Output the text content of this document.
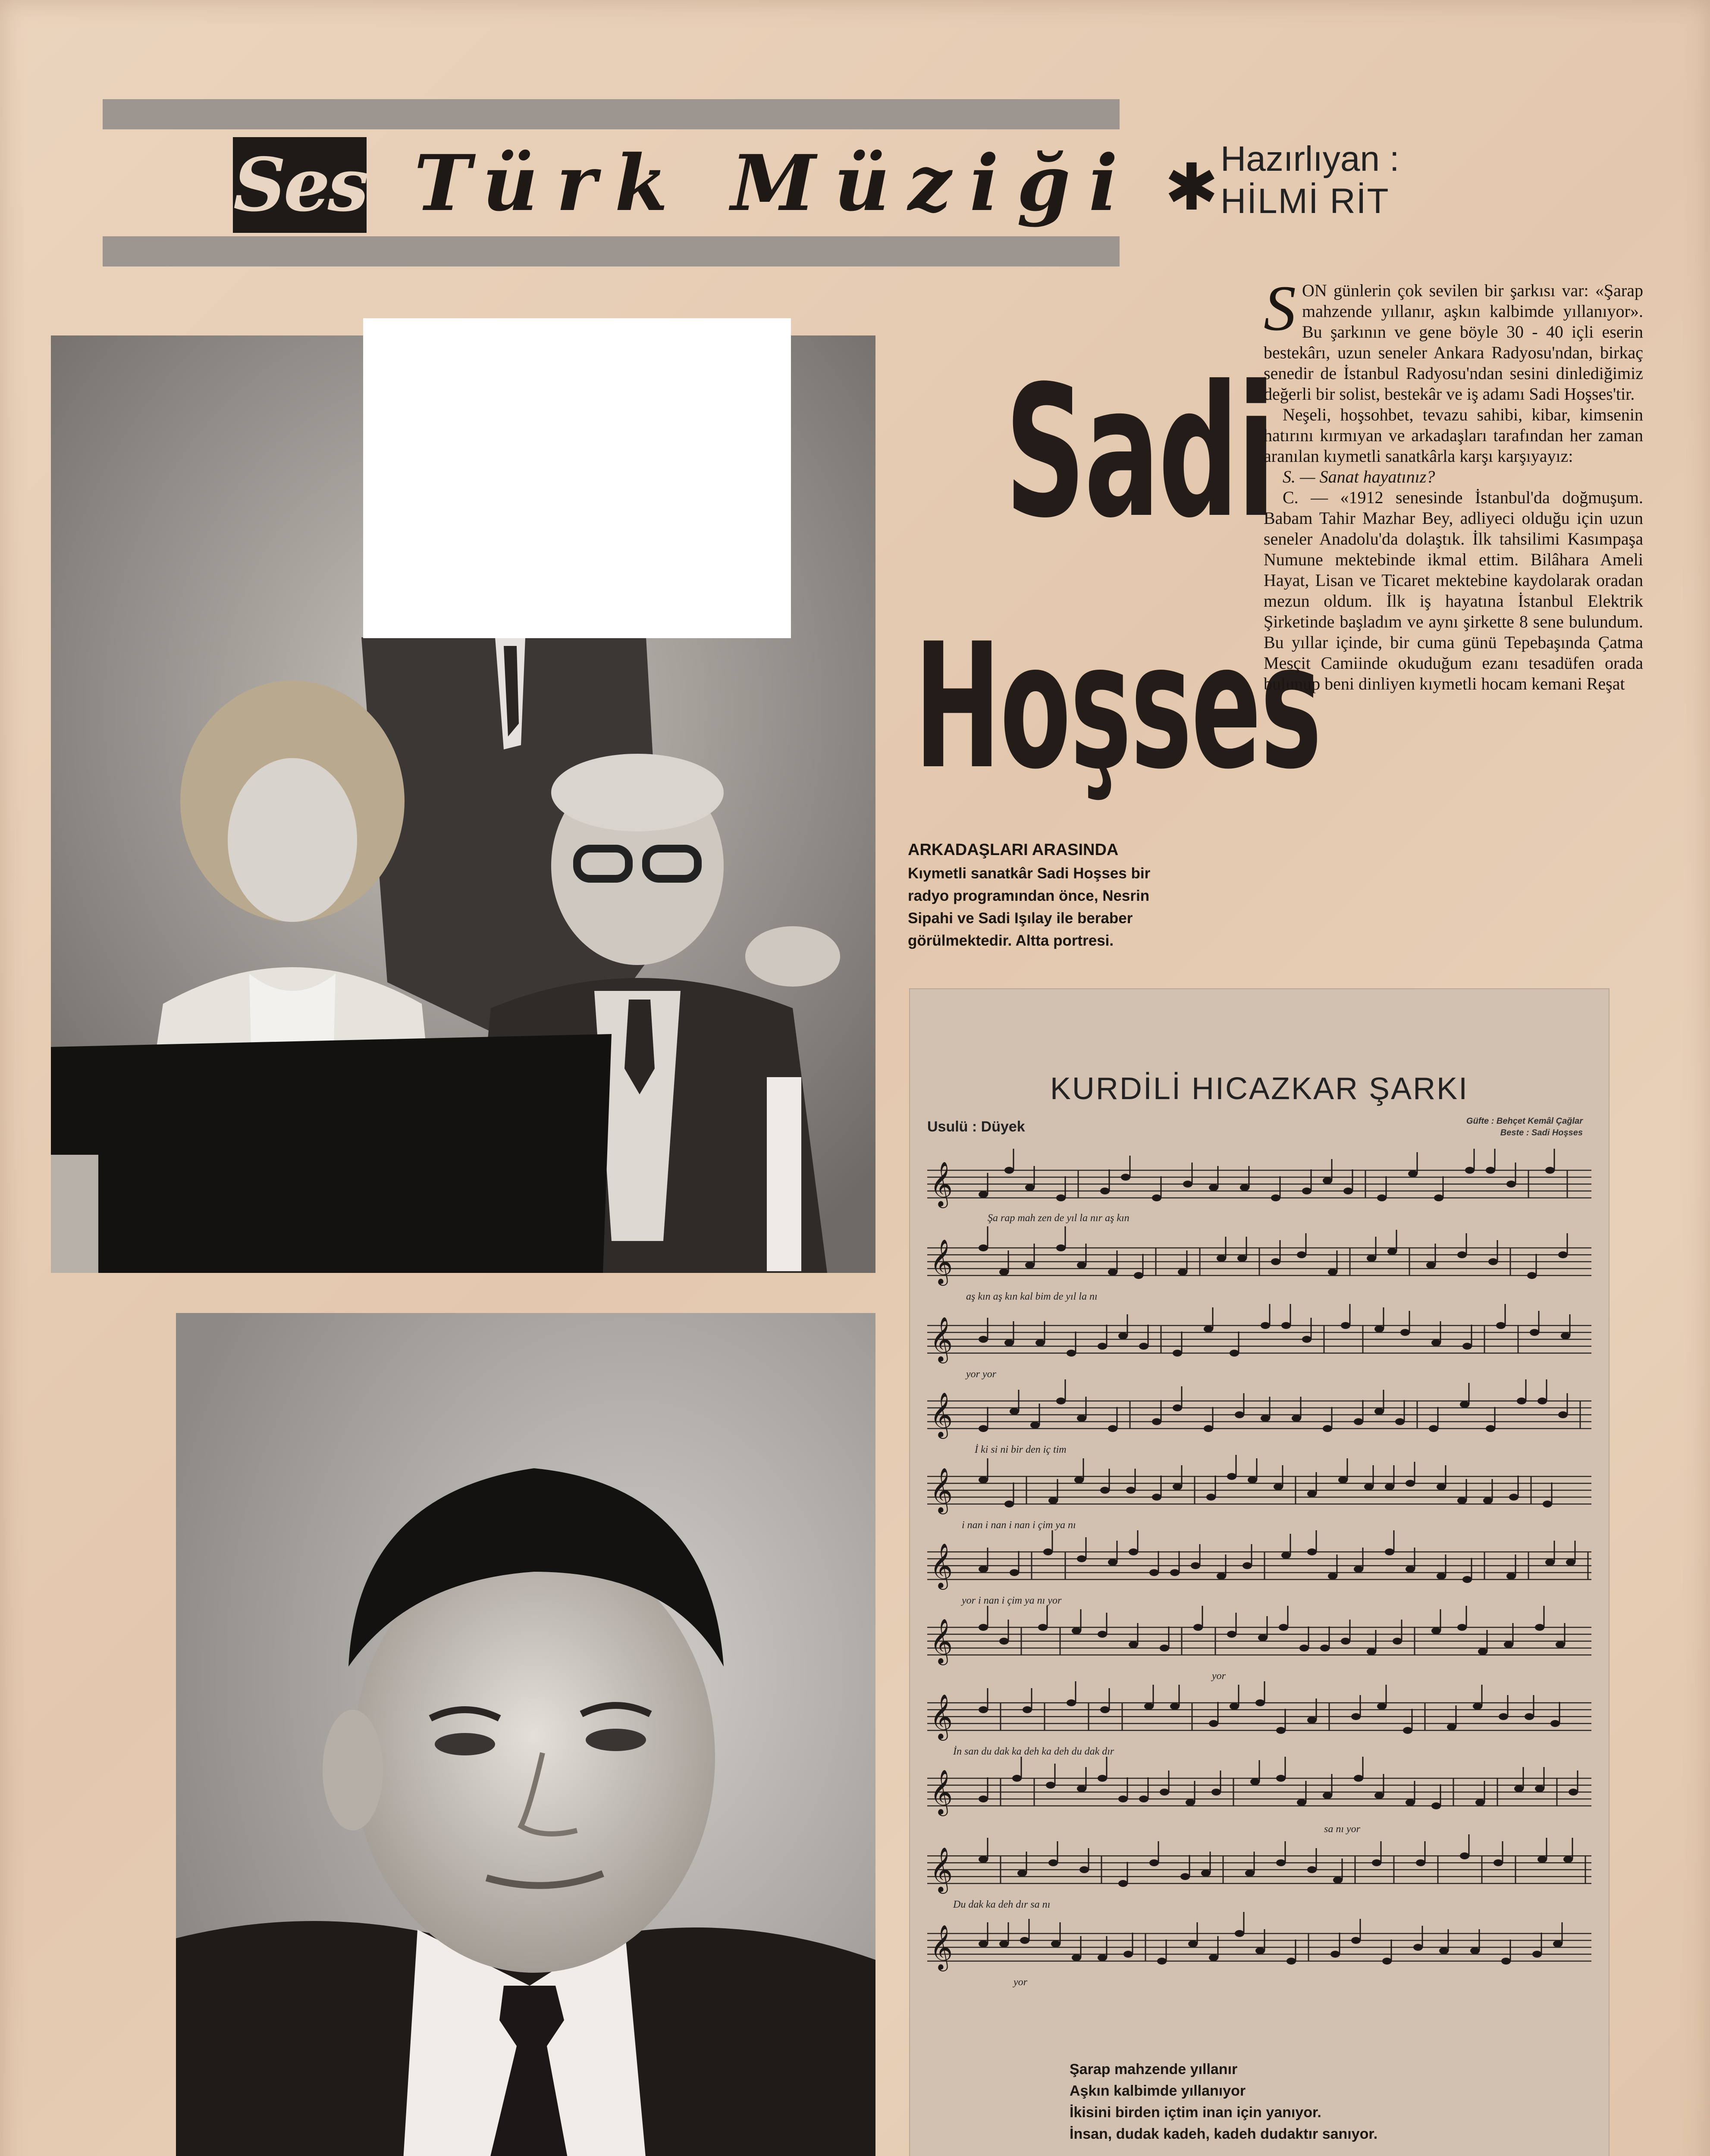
Ses Türk Müziği ✱ Hazırlıyan :
HİLMİ RİT
Sadi
Hoşses
ARKADAŞLARI ARASINDA
Kıymetli sanatkâr Sadi Hoşses bir
radyo programından önce, Nesrin
Sipahi ve Sadi Işılay ile beraber
görülmektedir. Altta portresi.

SON günlerin çok sevilen bir şarkısı var: «Şarap mahzende yıllanır, aşkın kalbimde yıllanıyor». Bu şarkının ve gene böyle 30 - 40 içli eserin bestekârı, uzun seneler Ankara Radyosu'ndan, birkaç senedir de İstanbul Radyosu'ndan sesini dinlediğimiz değerli bir solist, bestekâr ve iş adamı Sadi Hoşses'tir.

Neşeli, hoşsohbet, tevazu sahibi, kibar, kimsenin hatırını kırmıyan ve arkadaşları tarafından her zaman aranılan kıymetli sanatkârla karşı karşıyayız:

S. — Sanat hayatınız?

C. — «1912 senesinde İstanbul'da doğmuşum. Babam Tahir Mazhar Bey, adliyeci olduğu için uzun seneler Anadolu'da dolaştık. İlk tahsilimi Kasımpaşa Numune mektebinde ikmal ettim. Bilâhara Ameli Hayat, Lisan ve Ticaret mektebine kaydolarak oradan mezun oldum. İlk iş hayatına İstanbul Elektrik Şirketinde başladım ve aynı şirkette 8 sene bulundum. Bu yıllar içinde, bir cuma günü Tepebaşında Çatma Mesçit Camiinde okuduğum ezanı tesadüfen orada bulunup beni dinliyen kıymetli hocam kemani Reşat

𝄞
𝄞
𝄞
𝄞
𝄞
𝄞
𝄞
𝄞
𝄞
𝄞
𝄞
KURDİLİ HICAZKAR ŞARKI
Usulü : Düyek	Güfte : Behçet Kemâl Çağlar
Beste : Sadi Hoşses
Şa rap mah zen de yıl la nır aş kın
aş kın aş kın kal bim de yıl la nı
yor yor
İ ki si ni bir den iç tim
i nan i nan i nan i çim ya nı
yor i nan i çim ya nı yor
yor
İn san du dak ka deh ka deh du dak dır
sa nı yor
Du dak ka deh dır sa nı
yor
Şarap mahzende yıllanır
Aşkın kalbimde yıllanıyor
İkisini birden içtim inan için yanıyor.
İnsan, dudak kadeh, kadeh dudaktır sanıyor.
